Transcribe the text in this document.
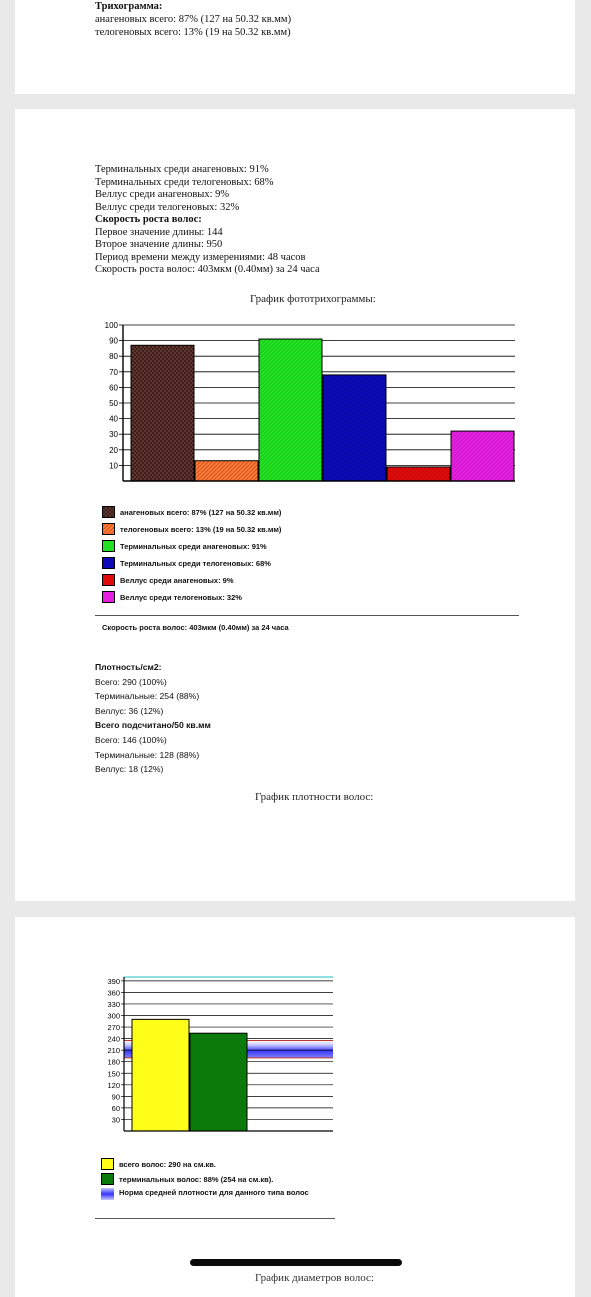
Трихограмма:
анагеновых всего: 87% (127 на 50.32 кв.мм)
телогеновых всего: 13% (19 на 50.32 кв.мм)
Терминальных среди анагеновых: 91%
Терминальных среди телогеновых: 68%
Веллус среди анагеновых: 9%
Веллус среди телогеновых: 32%
Скорость роста волос:
Первое значение длины: 144
Второе значение длины: 950
Период времени между измерениями: 48 часов
Скорость роста волос: 403мкм (0.40мм) за 24 часа
График фототрихограммы:
10
20
30
40
50
60
70
80
90
100
анагеновых всего: 87% (127 на 50.32 кв.мм)
телогеновых всего: 13% (19 на 50.32 кв.мм)
Терминальных среди анагеновых: 91%
Терминальных среди телогеновых: 68%
Веллус среди анагеновых: 9%
Веллус среди телогеновых: 32%
Скорость роста волос: 403мкм (0.40мм) за 24 часа
Плотность/см2:
Всего: 290 (100%)
Терминальные: 254 (88%)
Веллус: 36 (12%)
Всего подсчитано/50 кв.мм
Всего: 146 (100%)
Терминальные: 128 (88%)
Веллус: 18 (12%)
График плотности волос:
30
60
90
120
150
180
210
240
270
300
330
360
390
всего волос: 290 на см.кв.
терминальных волос: 88% (254 на см.кв).
Норма средней плотности для данного типа волос
График диаметров волос:
